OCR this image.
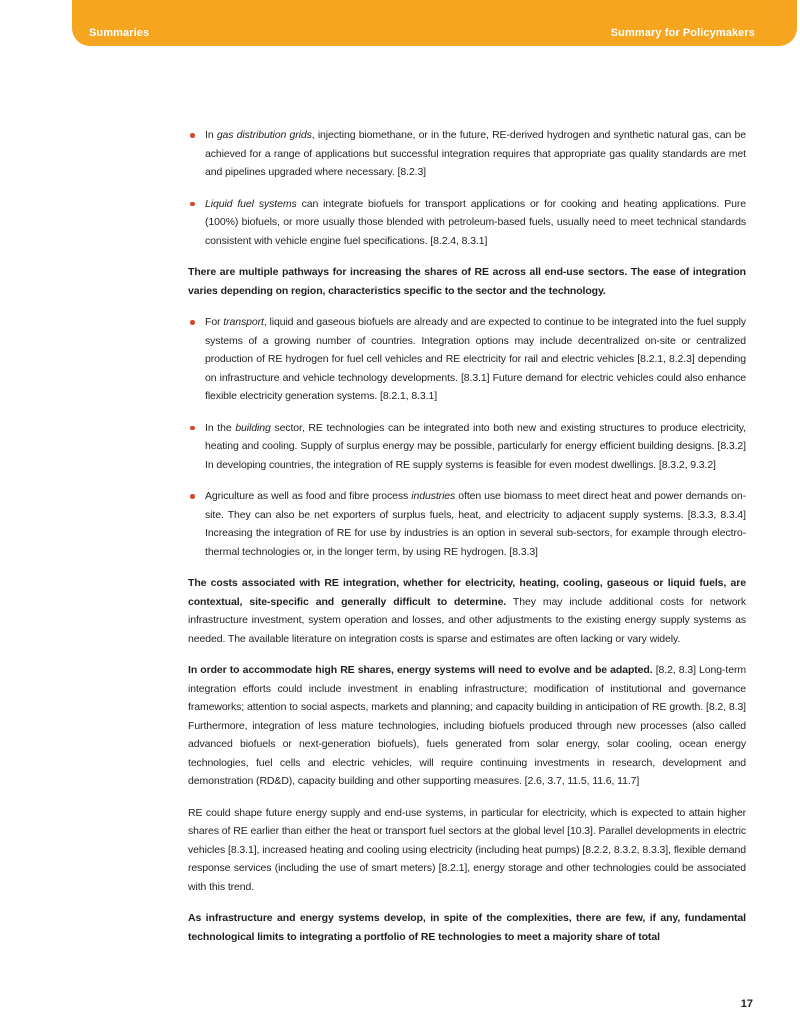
Summaries	Summary for Policymakers
In gas distribution grids, injecting biomethane, or in the future, RE-derived hydrogen and synthetic natural gas, can be achieved for a range of applications but successful integration requires that appropriate gas quality standards are met and pipelines upgraded where necessary. [8.2.3]
Liquid fuel systems can integrate biofuels for transport applications or for cooking and heating applications. Pure (100%) biofuels, or more usually those blended with petroleum-based fuels, usually need to meet technical standards consistent with vehicle engine fuel specifications. [8.2.4, 8.3.1]
There are multiple pathways for increasing the shares of RE across all end-use sectors. The ease of integration varies depending on region, characteristics specific to the sector and the technology.
For transport, liquid and gaseous biofuels are already and are expected to continue to be integrated into the fuel supply systems of a growing number of countries. Integration options may include decentralized on-site or centralized production of RE hydrogen for fuel cell vehicles and RE electricity for rail and electric vehicles [8.2.1, 8.2.3] depending on infrastructure and vehicle technology developments. [8.3.1] Future demand for electric vehicles could also enhance flexible electricity generation systems. [8.2.1, 8.3.1]
In the building sector, RE technologies can be integrated into both new and existing structures to produce electricity, heating and cooling. Supply of surplus energy may be possible, particularly for energy efficient building designs. [8.3.2] In developing countries, the integration of RE supply systems is feasible for even modest dwellings. [8.3.2, 9.3.2]
Agriculture as well as food and fibre process industries often use biomass to meet direct heat and power demands on-site. They can also be net exporters of surplus fuels, heat, and electricity to adjacent supply systems. [8.3.3, 8.3.4] Increasing the integration of RE for use by industries is an option in several sub-sectors, for example through electro-thermal technologies or, in the longer term, by using RE hydrogen. [8.3.3]
The costs associated with RE integration, whether for electricity, heating, cooling, gaseous or liquid fuels, are contextual, site-specific and generally difficult to determine. They may include additional costs for network infrastructure investment, system operation and losses, and other adjustments to the existing energy supply systems as needed. The available literature on integration costs is sparse and estimates are often lacking or vary widely.
In order to accommodate high RE shares, energy systems will need to evolve and be adapted. [8.2, 8.3] Long-term integration efforts could include investment in enabling infrastructure; modification of institutional and governance frameworks; attention to social aspects, markets and planning; and capacity building in anticipation of RE growth. [8.2, 8.3] Furthermore, integration of less mature technologies, including biofuels produced through new processes (also called advanced biofuels or next-generation biofuels), fuels generated from solar energy, solar cooling, ocean energy technologies, fuel cells and electric vehicles, will require continuing investments in research, development and demonstration (RD&D), capacity building and other supporting measures. [2.6, 3.7, 11.5, 11.6, 11.7]
RE could shape future energy supply and end-use systems, in particular for electricity, which is expected to attain higher shares of RE earlier than either the heat or transport fuel sectors at the global level [10.3]. Parallel developments in electric vehicles [8.3.1], increased heating and cooling using electricity (including heat pumps) [8.2.2, 8.3.2, 8.3.3], flexible demand response services (including the use of smart meters) [8.2.1], energy storage and other technologies could be associated with this trend.
As infrastructure and energy systems develop, in spite of the complexities, there are few, if any, fundamental technological limits to integrating a portfolio of RE technologies to meet a majority share of total
17
